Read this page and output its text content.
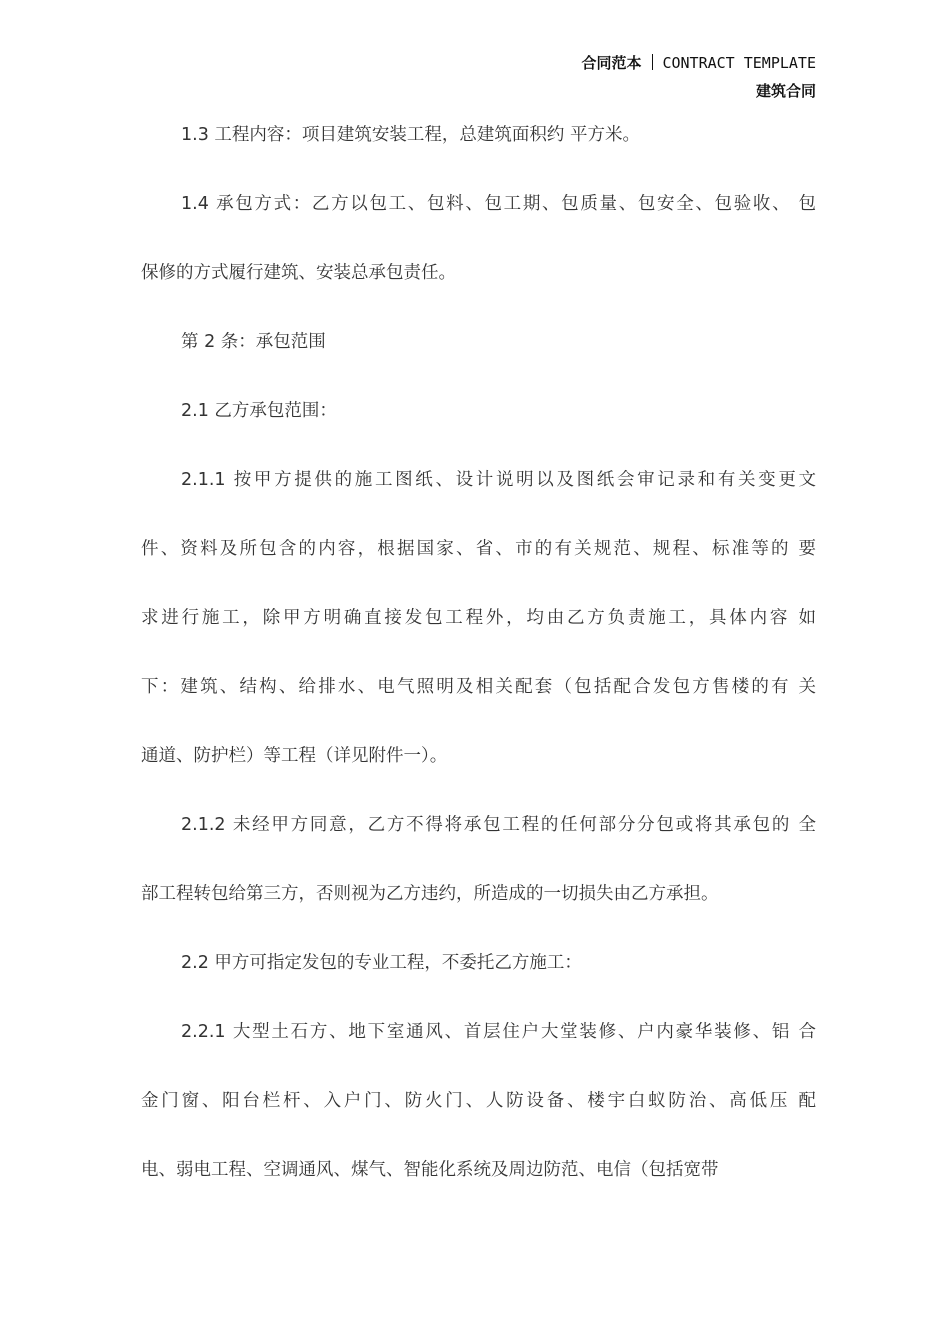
合同范本 CONTRACT TEMPLATE
建筑合同
1.3 工程内容：项目建筑安装工程，总建筑面积约 平方米。
1.4 承包方式：乙方以包工、包料、包工期、包质量、包安全、包验收、 包
保修的方式履行建筑、安装总承包责任。
第 2 条：承包范围
2.1 乙方承包范围：
2.1.1 按甲方提供的施工图纸、设计说明以及图纸会审记录和有关变更文
件、资料及所包含的内容，根据国家、省、市的有关规范、规程、标准等的 要
求进行施工，除甲方明确直接发包工程外，均由乙方负责施工，具体内容 如
下：建筑、结构、给排水、电气照明及相关配套（包括配合发包方售楼的有 关
通道、防护栏）等工程（详见附件一）。
2.1.2 未经甲方同意，乙方不得将承包工程的任何部分分包或将其承包的 全
部工程转包给第三方，否则视为乙方违约，所造成的一切损失由乙方承担。
2.2 甲方可指定发包的专业工程，不委托乙方施工：
2.2.1 大型土石方、地下室通风、首层住户大堂装修、户内豪华装修、铝 合
金门窗、阳台栏杆、入户门、防火门、人防设备、楼宇白蚁防治、高低压 配
电、弱电工程、空调通风、煤气、智能化系统及周边防范、电信（包括宽带
